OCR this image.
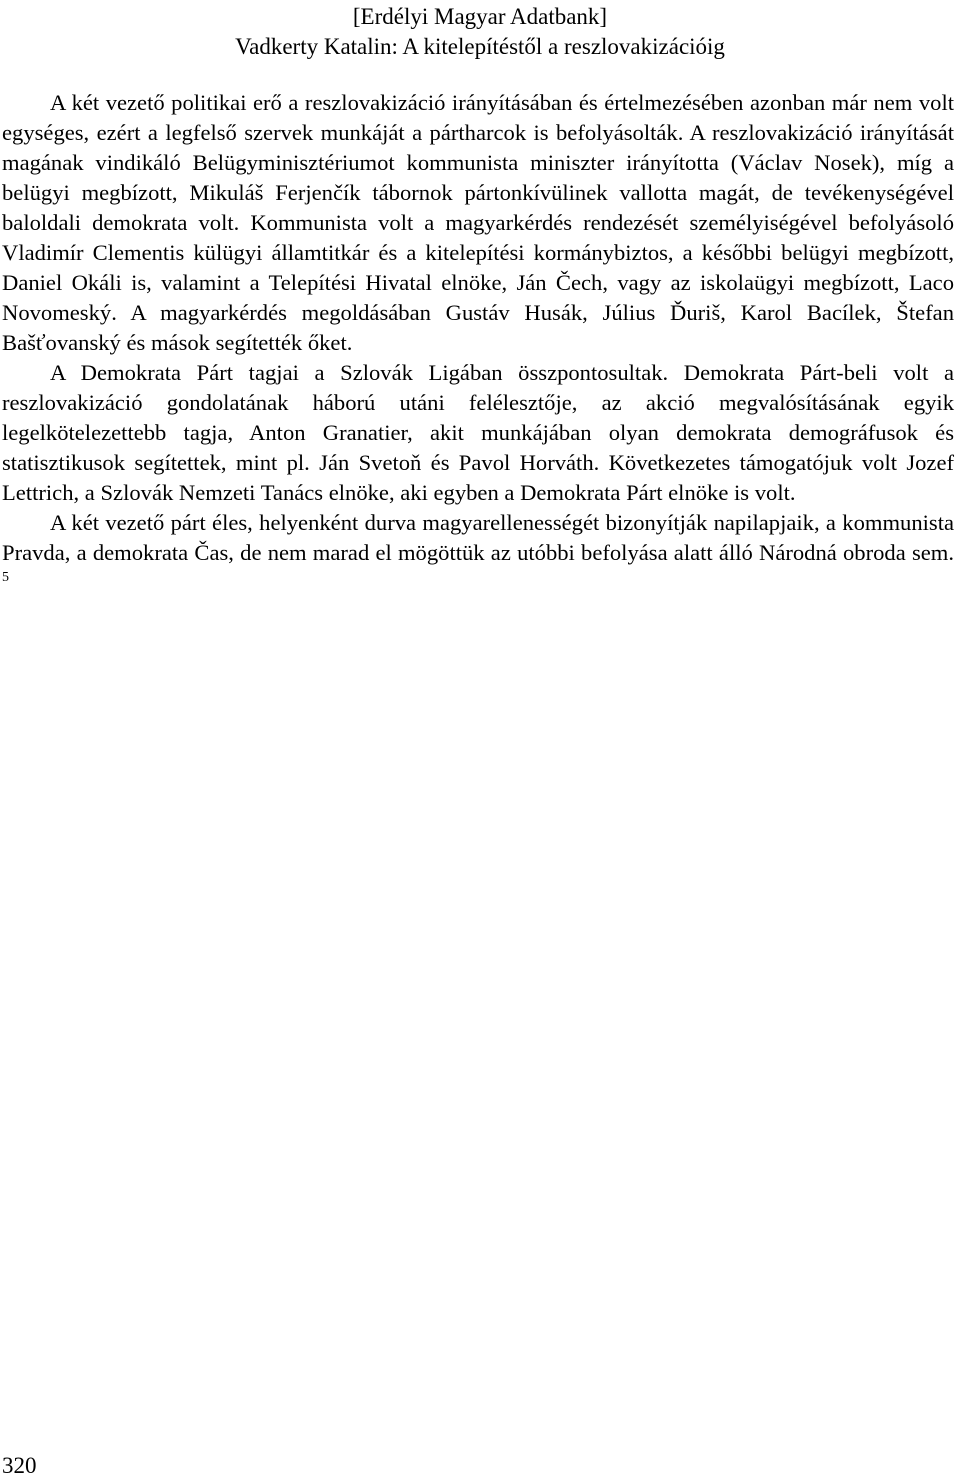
[Erdélyi Magyar Adatbank]
Vadkerty Katalin: A kitelepítéstől a reszlovakizációig

A két vezető politikai erő a reszlovakizáció irányításában és értelmezésében azonban már nem volt egységes, ezért a legfelső szervek munkáját a pártharcok is befolyásolták. A reszlovakizáció irányítását magának vindikáló Belügyminisztériumot kommunista miniszter irányította (Václav Nosek), míg a belügyi megbízott, Mikuláš Ferjenčík tábornok pártonkívülinek vallotta magát, de tevékenységével baloldali demokrata volt. Kommunista volt a magyarkérdés rendezését személyiségével befolyásoló Vladimír Clementis külügyi államtitkár és a kitelepítési kormánybiztos, a későbbi belügyi megbízott, Daniel Okáli is, valamint a Telepítési Hivatal elnöke, Ján Čech, vagy az iskolaügyi megbízott, Laco Novomeský. A magyarkérdés megoldásában Gustáv Husák, Július Ďuriš, Karol Bacílek, Štefan Bašťovanský és mások segítették őket.

A Demokrata Párt tagjai a Szlovák Ligában összpontosultak. Demokrata Párt-beli volt a reszlovakizáció gondolatának háború utáni felélesztője, az akció megvalósításának egyik legelkötelezettebb tagja, Anton Granatier, akit munkájában olyan demokrata demográfusok és statisztikusok segítettek, mint pl. Ján Svetoň és Pavol Horváth. Következetes támogatójuk volt Jozef Lettrich, a Szlovák Nemzeti Tanács elnöke, aki egyben a Demokrata Párt elnöke is volt.

A két vezető párt éles, helyenként durva magyarellenességét bizonyítják napilapjaik, a kommunista Pravda, a demokrata Čas, de nem marad el mögöttük az utóbbi befolyása alatt álló Národná obroda sem. $^5$

320
